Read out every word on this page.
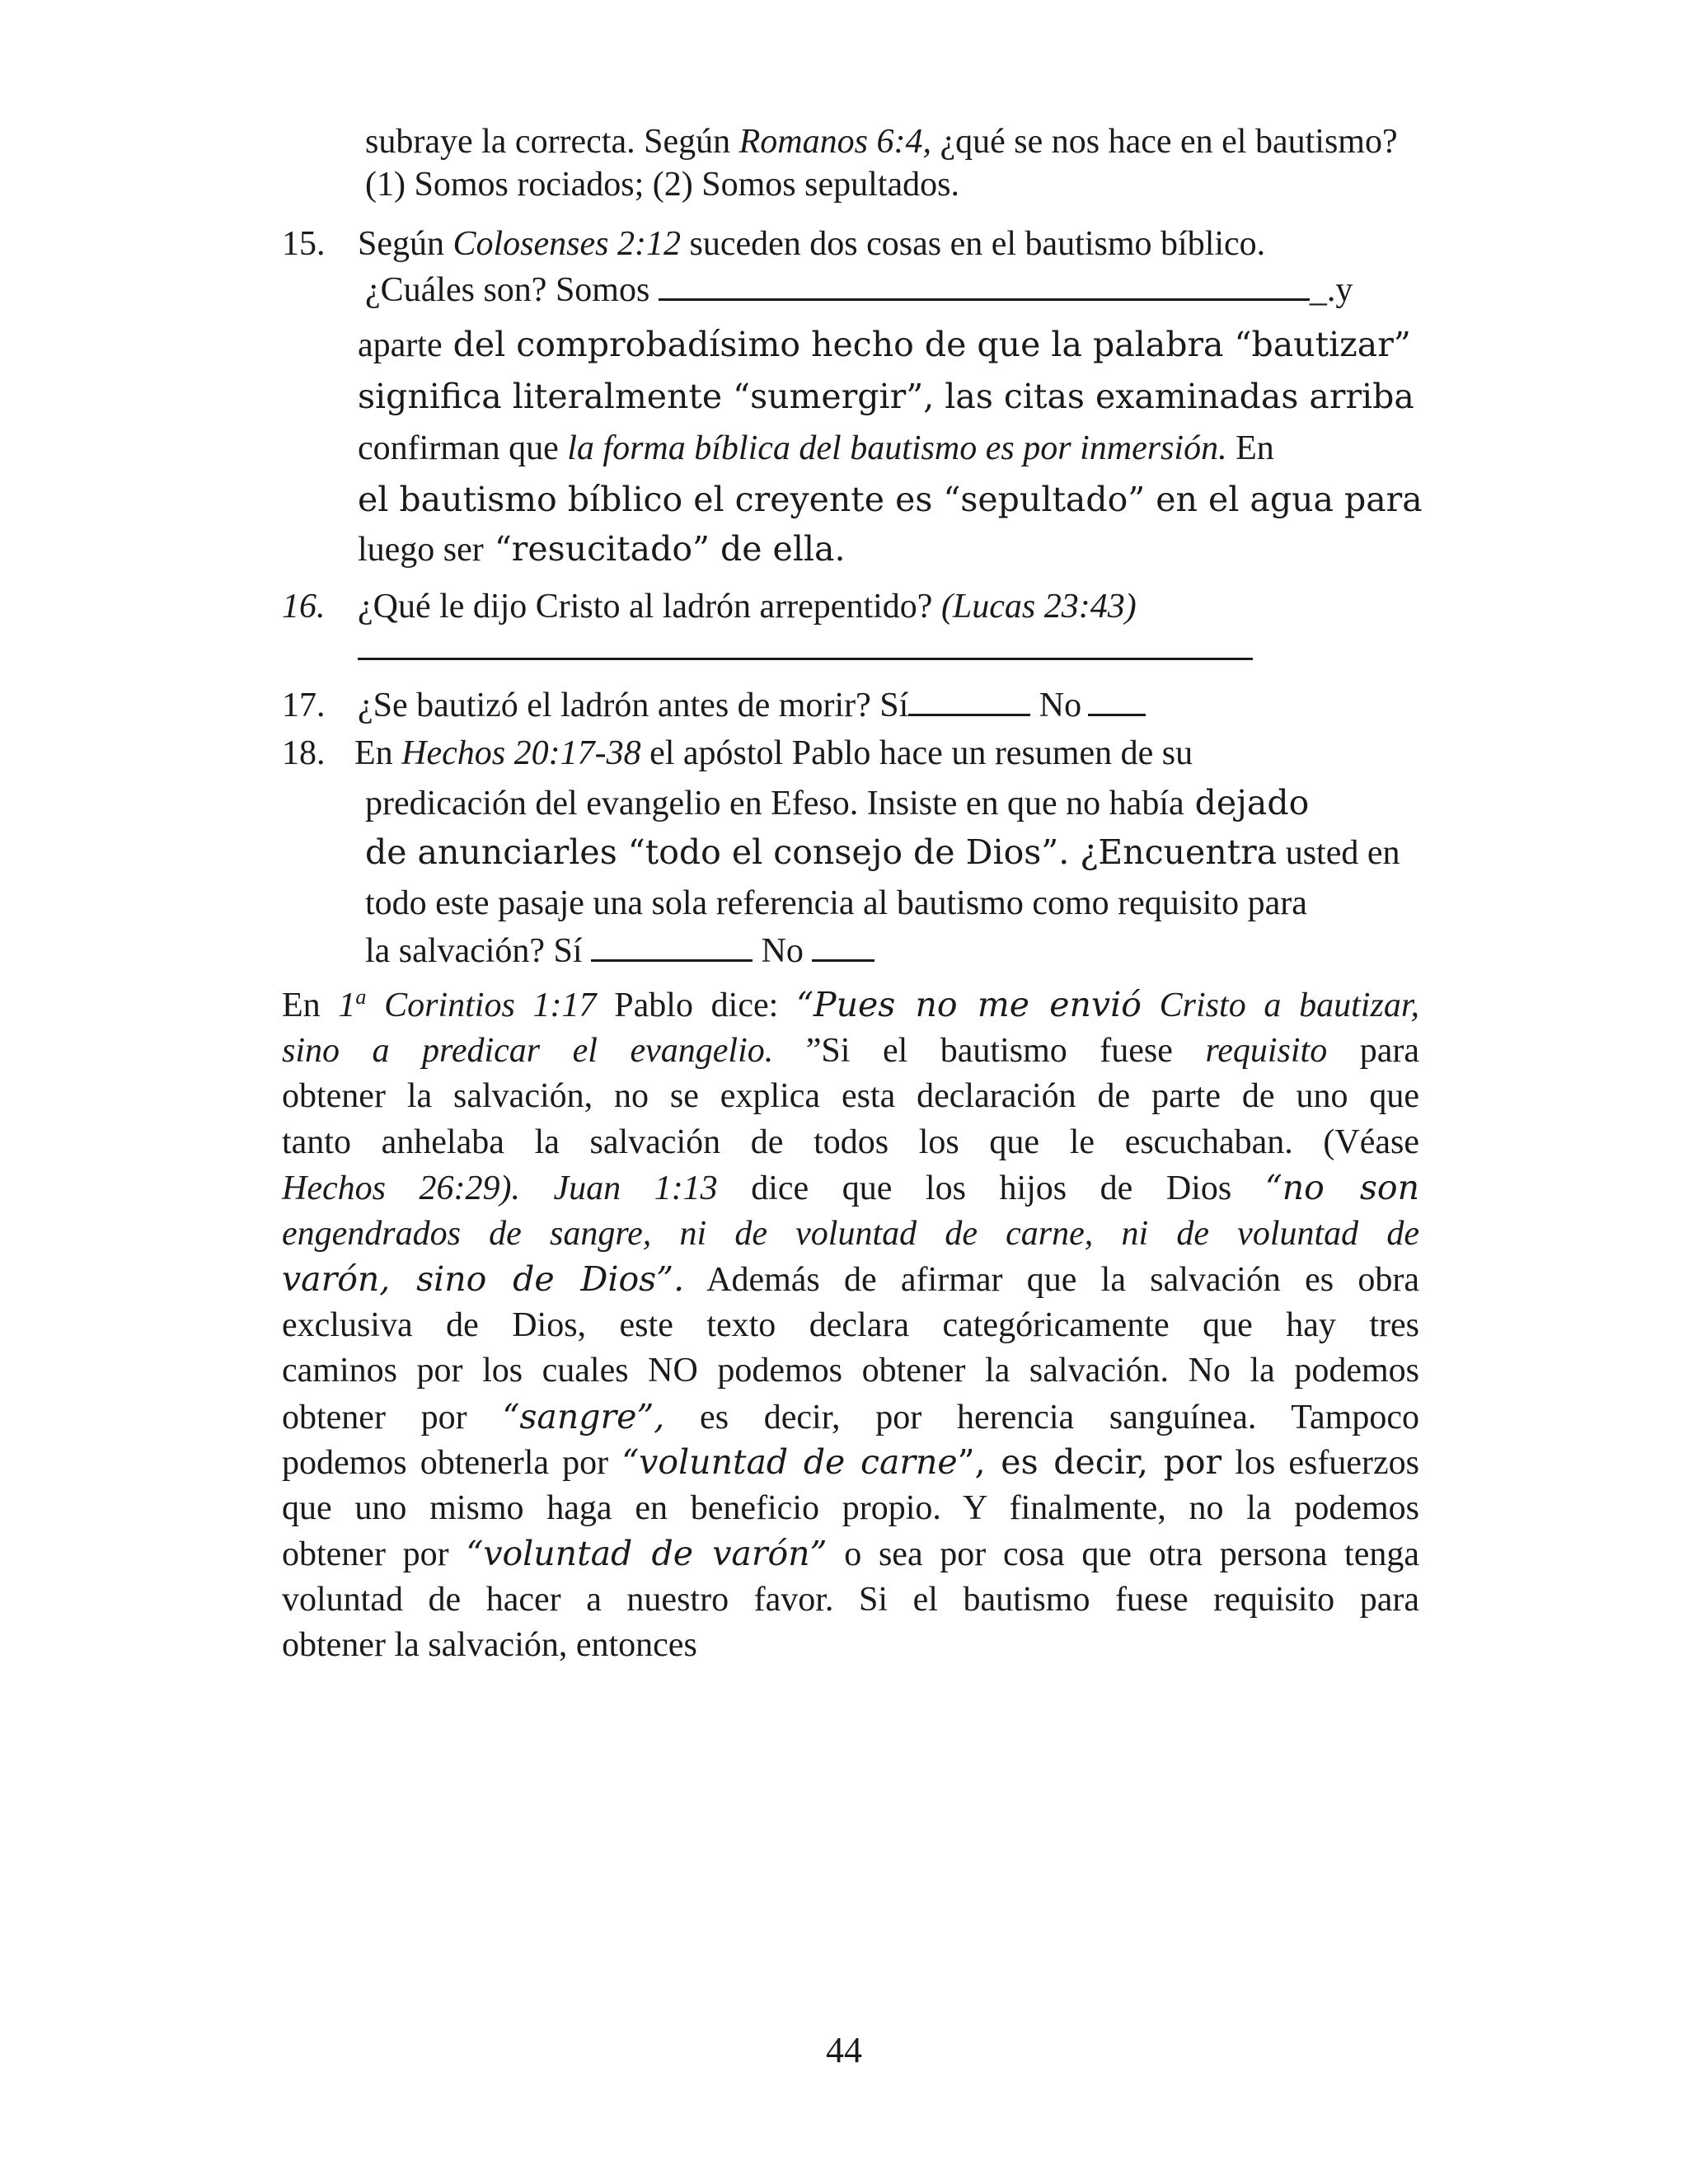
subraye la correcta. Según Romanos 6:4, ¿qué se nos hace en el bautismo?
(1) Somos rociados; (2) Somos sepultados.
15. Según Colosenses 2:12 suceden dos cosas en el bautismo bíblico.
¿Cuáles son? Somos	_.y
aparte del comprobadísimo hecho de que la palabra “bautizar”
significa literalmente “sumergir”, las citas examinadas arriba
confirman que la forma bíblica del bautismo es por inmersión. En
el bautismo bíblico el creyente es “sepultado” en el agua para
luego ser “resucitado” de ella.
16. ¿Qué le dijo Cristo al ladrón arrepentido? (Lucas 23:43)
17. ¿Se bautizó el ladrón antes de morir? Sí	No
18. En Hechos 20:17-38 el apóstol Pablo hace un resumen de su
predicación del evangelio en Efeso. Insiste en que no había dejado
de anunciarles “todo el consejo de Dios”. ¿Encuentra usted en
todo este pasaje una sola referencia al bautismo como requisito para
la salvación? Sí	No
En 1$^a$ Corintios 1:17 Pablo dice: “Pues no me envió Cristo a bautizar,
sino a predicar el evangelio. ”Si el bautismo fuese requisito para
obtener la salvación, no se explica esta declaración de parte de uno que
tanto anhelaba la salvación de todos los que le escuchaban. (Véase
Hechos 26:29). Juan 1:13 dice que los hijos de Dios “no son
engendrados de sangre, ni de voluntad de carne, ni de voluntad de
varón, sino de Dios”. Además de afirmar que la salvación es obra
exclusiva de Dios, este texto declara categóricamente que hay tres
caminos por los cuales NO podemos obtener la salvación. No la podemos
obtener por “sangre”, es decir, por herencia sanguínea. Tampoco
podemos obtenerla por “voluntad de carne”, es decir, por los esfuerzos
que uno mismo haga en beneficio propio. Y finalmente, no la podemos
obtener por “voluntad de varón” o sea por cosa que otra persona tenga
voluntad de hacer a nuestro favor. Si el bautismo fuese requisito para
obtener la salvación, entonces
44
